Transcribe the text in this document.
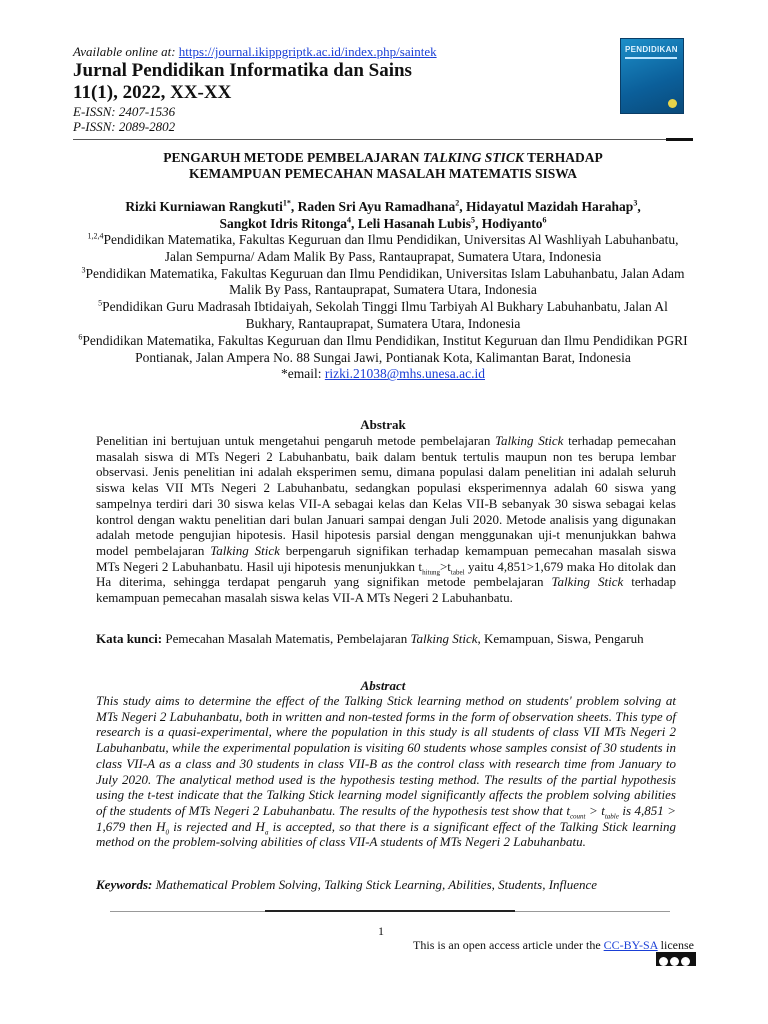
Available online at: https://journal.ikippgriptk.ac.id/index.php/saintek
Jurnal Pendidikan Informatika dan Sains
11(1), 2022, XX-XX
E-ISSN: 2407-1536
P-ISSN: 2089-2802
PENDIDIKAN
PENGARUH METODE PEMBELAJARAN TALKING STICK TERHADAP
KEMAMPUAN PEMECAHAN MASALAH MATEMATIS SISWA
Rizki Kurniawan Rangkuti$^{1*}$, Raden Sri Ayu Ramadhana$^2$, Hidayatul Mazidah Harahap$^3$,
Sangkot Idris Ritonga$^4$, Leli Hasanah Lubis$^5$, Hodiyanto$^6$
$^{1,2,4}$Pendidikan Matematika, Fakultas Keguruan dan Ilmu Pendidikan, Universitas Al Washliyah Labuhanbatu, Jalan Sempurna/ Adam Malik By Pass, Rantauprapat, Sumatera Utara, Indonesia
$^3$Pendidikan Matematika, Fakultas Keguruan dan Ilmu Pendidikan, Universitas Islam Labuhanbatu, Jalan Adam Malik By Pass, Rantauprapat, Sumatera Utara, Indonesia
$^5$Pendidikan Guru Madrasah Ibtidaiyah, Sekolah Tinggi Ilmu Tarbiyah Al Bukhary Labuhanbatu, Jalan Al Bukhary, Rantauprapat, Sumatera Utara, Indonesia
$^6$Pendidikan Matematika, Fakultas Keguruan dan Ilmu Pendidikan, Institut Keguruan dan Ilmu Pendidikan PGRI Pontianak, Jalan Ampera No. 88 Sungai Jawi, Pontianak Kota, Kalimantan Barat, Indonesia
*email: rizki.21038@mhs.unesa.ac.id
Abstrak
Penelitian ini bertujuan untuk mengetahui pengaruh metode pembelajaran Talking Stick terhadap pemecahan masalah siswa di MTs Negeri 2 Labuhanbatu, baik dalam bentuk tertulis maupun non tes berupa lembar observasi. Jenis penelitian ini adalah eksperimen semu, dimana populasi dalam penelitian ini adalah seluruh siswa kelas VII MTs Negeri 2 Labuhanbatu, sedangkan populasi eksperimennya adalah 60 siswa yang sampelnya terdiri dari 30 siswa kelas VII-A sebagai kelas dan Kelas VII-B sebanyak 30 siswa sebagai kelas kontrol dengan waktu penelitian dari bulan Januari sampai dengan Juli 2020. Metode analisis yang digunakan adalah metode pengujian hipotesis. Hasil hipotesis parsial dengan menggunakan uji-t menunjukkan bahwa model pembelajaran Talking Stick berpengaruh signifikan terhadap kemampuan pemecahan masalah siswa MTs Negeri 2 Labuhanbatu. Hasil uji hipotesis menunjukkan $t_{hitung}>t_{tabel}$ yaitu 4,851>1,679 maka Ho ditolak dan Ha diterima, sehingga terdapat pengaruh yang signifikan metode pembelajaran Talking Stick terhadap kemampuan pemecahan masalah siswa kelas VII-A MTs Negeri 2 Labuhanbatu.
Kata kunci: Pemecahan Masalah Matematis, Pembelajaran Talking Stick, Kemampuan, Siswa, Pengaruh
Abstract
This study aims to determine the effect of the Talking Stick learning method on students' problem solving at MTs Negeri 2 Labuhanbatu, both in written and non-tested forms in the form of observation sheets. This type of research is a quasi-experimental, where the population in this study is all students of class VII MTs Negeri 2 Labuhanbatu, while the experimental population is visiting 60 students whose samples consist of 30 students in class VII-A as a class and 30 students in class VII-B as the control class with research time from January to July 2020. The analytical method used is the hypothesis testing method. The results of the partial hypothesis using the t-test indicate that the Talking Stick learning model significantly affects the problem solving abilities of the students of MTs Negeri 2 Labuhanbatu. The results of the hypothesis test show that $t_{count} > t_{table}$ is 4,851 > 1,679 then $H_0$ is rejected and $H_a$ is accepted, so that there is a significant effect of the Talking Stick learning method on the problem-solving abilities of class VII-A students of MTs Negeri 2 Labuhanbatu.
Keywords: Mathematical Problem Solving, Talking Stick Learning, Abilities, Students, Influence
1
This is an open access article under the CC-BY-SA license
